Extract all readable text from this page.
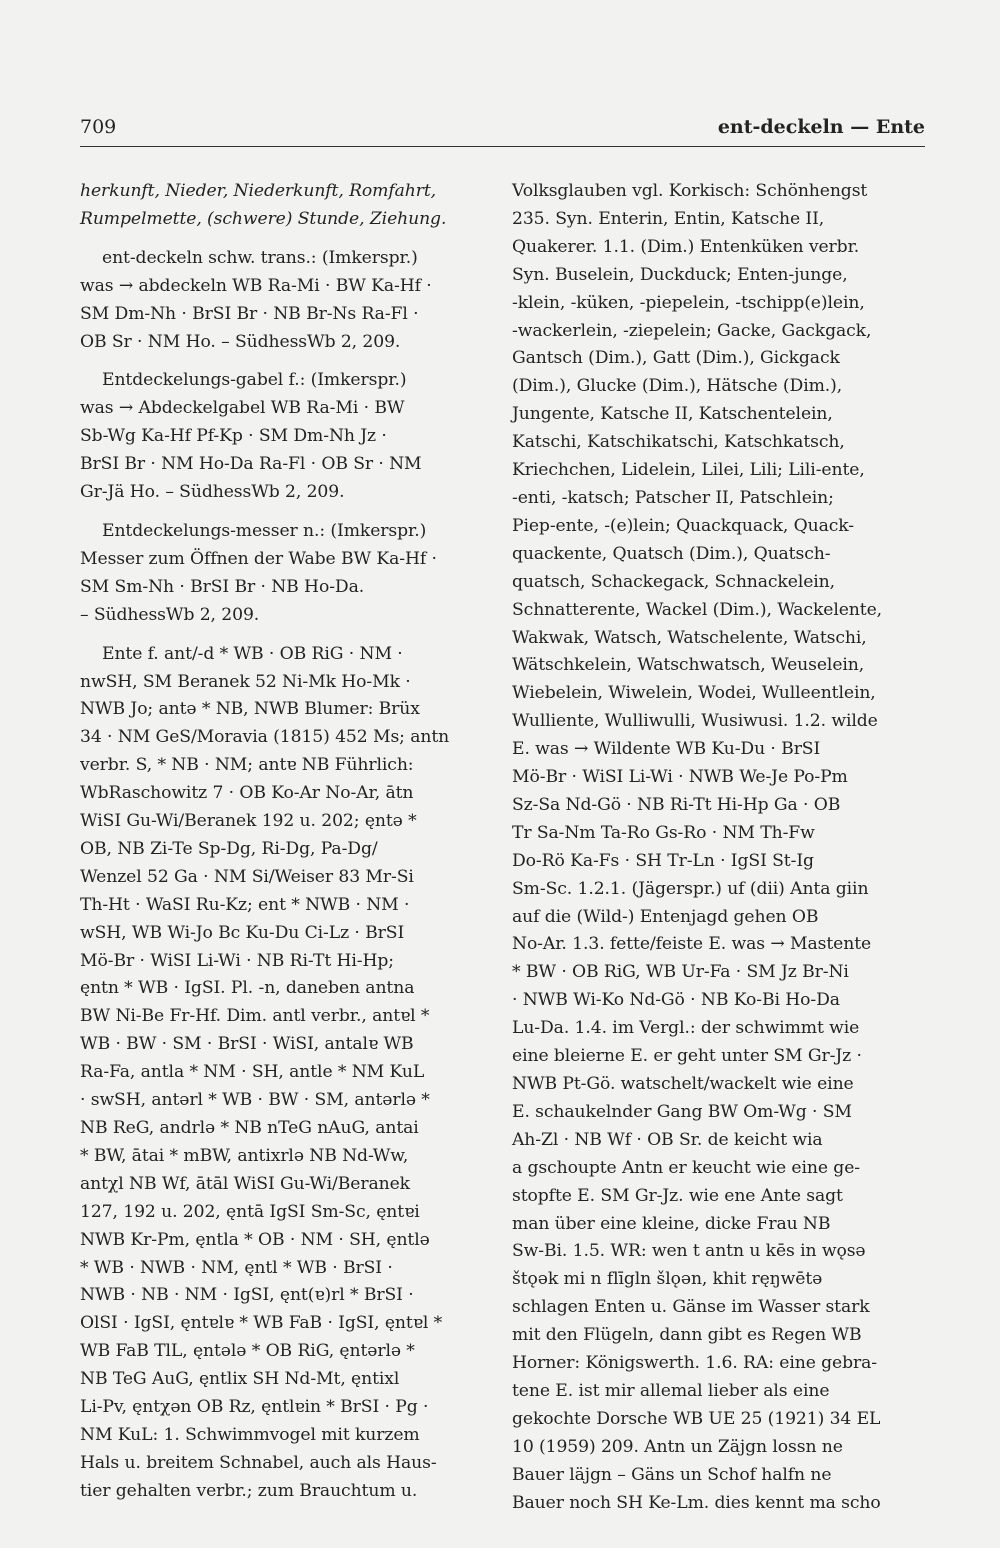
709	ent-deckeln — Ente

herkunft, Nieder, Niederkunft, Romfahrt,
Rumpelmette, (schwere) Stunde, Ziehung.

ent-deckeln schw. trans.: (Imkerspr.)
was → abdeckeln WB Ra-Mi · BW Ka-Hf ·
SM Dm-Nh · BrSI Br · NB Br-Ns Ra-Fl ·
OB Sr · NM Ho. – SüdhessWb 2, 209.

Entdeckelungs-gabel f.: (Imkerspr.)
was → Abdeckelgabel WB Ra-Mi · BW
Sb-Wg Ka-Hf Pf-Kp · SM Dm-Nh Jz ·
BrSI Br · NM Ho-Da Ra-Fl · OB Sr · NM
Gr-Jä Ho. – SüdhessWb 2, 209.

Entdeckelungs-messer n.: (Imkerspr.)
Messer zum Öffnen der Wabe BW Ka-Hf ·
SM Sm-Nh · BrSI Br · NB Ho-Da.
– SüdhessWb 2, 209.

Ente f. ant/-d * WB · OB RiG · NM ·
nwSH, SM Beranek 52 Ni-Mk Ho-Mk ·
NWB Jo; antə * NB, NWB Blumer: Brüx
34 · NM GeS/Moravia (1815) 452 Ms; antn
verbr. S, * NB · NM; antɐ NB Führlich:
WbRaschowitz 7 · OB Ko-Ar No-Ar, ātn
WiSI Gu-Wi/Beranek 192 u. 202; ęntə *
OB, NB Zi-Te Sp-Dg, Ri-Dg, Pa-Dg/
Wenzel 52 Ga · NM Si/Weiser 83 Mr-Si
Th-Ht · WaSI Ru-Kz; ent * NWB · NM ·
wSH, WB Wi-Jo Bc Ku-Du Ci-Lz · BrSI
Mö-Br · WiSI Li-Wi · NB Ri-Tt Hi-Hp;
ęntn * WB · IgSI. Pl. -n, daneben antna
BW Ni-Be Fr-Hf. Dim. antl verbr., antɐl *
WB · BW · SM · BrSI · WiSI, antalɐ WB
Ra-Fa, antla * NM · SH, antle * NM KuL
· swSH, antərl * WB · BW · SM, antərlə *
NB ReG, andrlə * NB nTeG nAuG, antai
* BW, ātai * mBW, antixrlə NB Nd-Ww,
antχl NB Wf, ātāl WiSI Gu-Wi/Beranek
127, 192 u. 202, ęntā IgSI Sm-Sc, ęntɐi
NWB Kr-Pm, ęntla * OB · NM · SH, ęntlə
* WB · NWB · NM, ęntl * WB · BrSI ·
NWB · NB · NM · IgSI, ęnt(ɐ)rl * BrSI ·
OlSI · IgSI, ęntɐlɐ * WB FaB · IgSI, ęntɐl *
WB FaB TlL, ęntələ * OB RiG, ęntərlə *
NB TeG AuG, ęntlix SH Nd-Mt, ęntixl
Li-Pv, ęntχən OB Rz, ęntlɐin * BrSI · Pg ·
NM KuL: 1. Schwimmvogel mit kurzem
Hals u. breitem Schnabel, auch als Haus-
tier gehalten verbr.; zum Brauchtum u.

Volksglauben vgl. Korkisch: Schönhengst
235. Syn. Enterin, Entin, Katsche II,
Quakerer. 1.1. (Dim.) Entenküken verbr.
Syn. Buselein, Duckduck; Enten-junge,
-klein, -küken, -piepelein, -tschipp(e)lein,
-wackerlein, -ziepelein; Gacke, Gackgack,
Gantsch (Dim.), Gatt (Dim.), Gickgack
(Dim.), Glucke (Dim.), Hätsche (Dim.),
Jungente, Katsche II, Katschentelein,
Katschi, Katschikatschi, Katschkatsch,
Kriechchen, Lidelein, Lilei, Lili; Lili-ente,
-enti, -katsch; Patscher II, Patschlein;
Piep-ente, -(e)lein; Quackquack, Quack-
quackente, Quatsch (Dim.), Quatsch-
quatsch, Schackegack, Schnackelein,
Schnatterente, Wackel (Dim.), Wackelente,
Wakwak, Watsch, Watschelente, Watschi,
Wätschkelein, Watschwatsch, Weuselein,
Wiebelein, Wiwelein, Wodei, Wulleentlein,
Wulliente, Wulliwulli, Wusiwusi. 1.2. wilde
E. was → Wildente WB Ku-Du · BrSI
Mö-Br · WiSI Li-Wi · NWB We-Je Po-Pm
Sz-Sa Nd-Gö · NB Ri-Tt Hi-Hp Ga · OB
Tr Sa-Nm Ta-Ro Gs-Ro · NM Th-Fw
Do-Rö Ka-Fs · SH Tr-Ln · IgSI St-Ig
Sm-Sc. 1.2.1. (Jägerspr.) uf (dii) Anta giin
auf die (Wild-) Entenjagd gehen OB
No-Ar. 1.3. fette/feiste E. was → Mastente
* BW · OB RiG, WB Ur-Fa · SM Jz Br-Ni
· NWB Wi-Ko Nd-Gö · NB Ko-Bi Ho-Da
Lu-Da. 1.4. im Vergl.: der schwimmt wie
eine bleierne E. er geht unter SM Gr-Jz ·
NWB Pt-Gö. watschelt/wackelt wie eine
E. schaukelnder Gang BW Om-Wg · SM
Ah-Zl · NB Wf · OB Sr. de keicht wia
a gschoupte Antn er keucht wie eine ge-
stopfte E. SM Gr-Jz. wie ene Ante sagt
man über eine kleine, dicke Frau NB
Sw-Bi. 1.5. WR: wen t antn u kēs in wǫsə
štǫək mi n flīgln šlǫən, khit ręŋwētə
schlagen Enten u. Gänse im Wasser stark
mit den Flügeln, dann gibt es Regen WB
Horner: Königswerth. 1.6. RA: eine gebra-
tene E. ist mir allemal lieber als eine
gekochte Dorsche WB UE 25 (1921) 34 EL
10 (1959) 209. Antn un Zäjgn lossn ne
Bauer läjgn – Gäns un Schof halfn ne
Bauer noch SH Ke-Lm. dies kennt ma scho
